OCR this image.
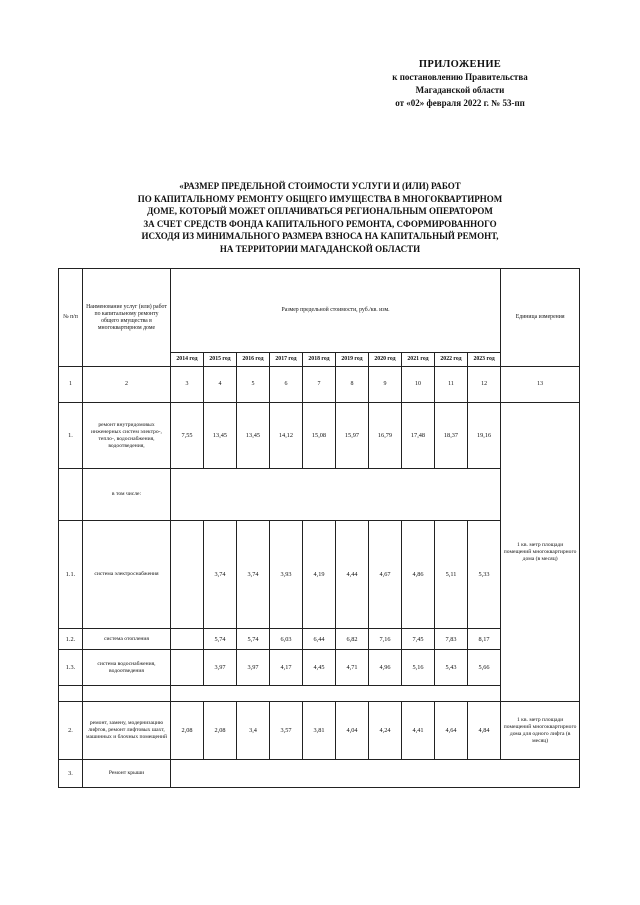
ПРИЛОЖЕНИЕ
к постановлению Правительства
Магаданской области
от «02» февраля 2022 г. № 53-пп
«РАЗМЕР ПРЕДЕЛЬНОЙ СТОИМОСТИ УСЛУГИ И (ИЛИ) РАБОТ
ПО КАПИТАЛЬНОМУ РЕМОНТУ ОБЩЕГО ИМУЩЕСТВА В МНОГОКВАРТИРНОМ
ДОМЕ, КОТОРЫЙ МОЖЕТ ОПЛАЧИВАТЬСЯ РЕГИОНАЛЬНЫМ ОПЕРАТОРОМ
ЗА СЧЕТ СРЕДСТВ ФОНДА КАПИТАЛЬНОГО РЕМОНТА, СФОРМИРОВАННОГО
ИСХОДЯ ИЗ МИНИМАЛЬНОГО РАЗМЕРА ВЗНОСА НА КАПИТАЛЬНЫЙ РЕМОНТ,
НА ТЕРРИТОРИИ МАГАДАНСКОЙ ОБЛАСТИ
№ п/п	Наименование услуг (или) работ по капитальному ремонту общего имущества в многоквартирном доме	Размер предельной стоимости, руб./кв. изм.										Единица измерения
		2014 год	2015 год	2016 год	2017 год	2018 год	2019 год	2020 год	2021 год	2022 год	2023 год	
1	2	3	4	5	6	7	8	9	10	11	12	13
1.	ремонт внутридомовых инженерных систем электро-, тепло-, водоснабжения, водоотведения,	7,55	13,45	13,45	14,12	15,08	15,97	16,79	17,48	18,37	19,16	1 кв. метр площади помещений многоквартирного дома (в месяц)
	в том числе:											
1.1.	система электроснабжения		3,74	3,74	3,93	4,19	4,44	4,67	4,86	5,11	5,33	
1.2.	система отопления		5,74	5,74	6,03	6,44	6,82	7,16	7,45	7,83	8,17	
1.3.	система водоснабжения, водоотведения		3,97	3,97	4,17	4,45	4,71	4,96	5,16	5,43	5,66	

2.	ремонт, замену, модернизацию лифтов, ремонт лифтовых шахт, машинных и блочных помещений	2,08	2,08	3,4	3,57	3,81	4,04	4,24	4,41	4,64	4,84	1 кв. метр площади помещений многоквартирного дома для одного лифта (в месяц)
3.	Ремонт крыши											
